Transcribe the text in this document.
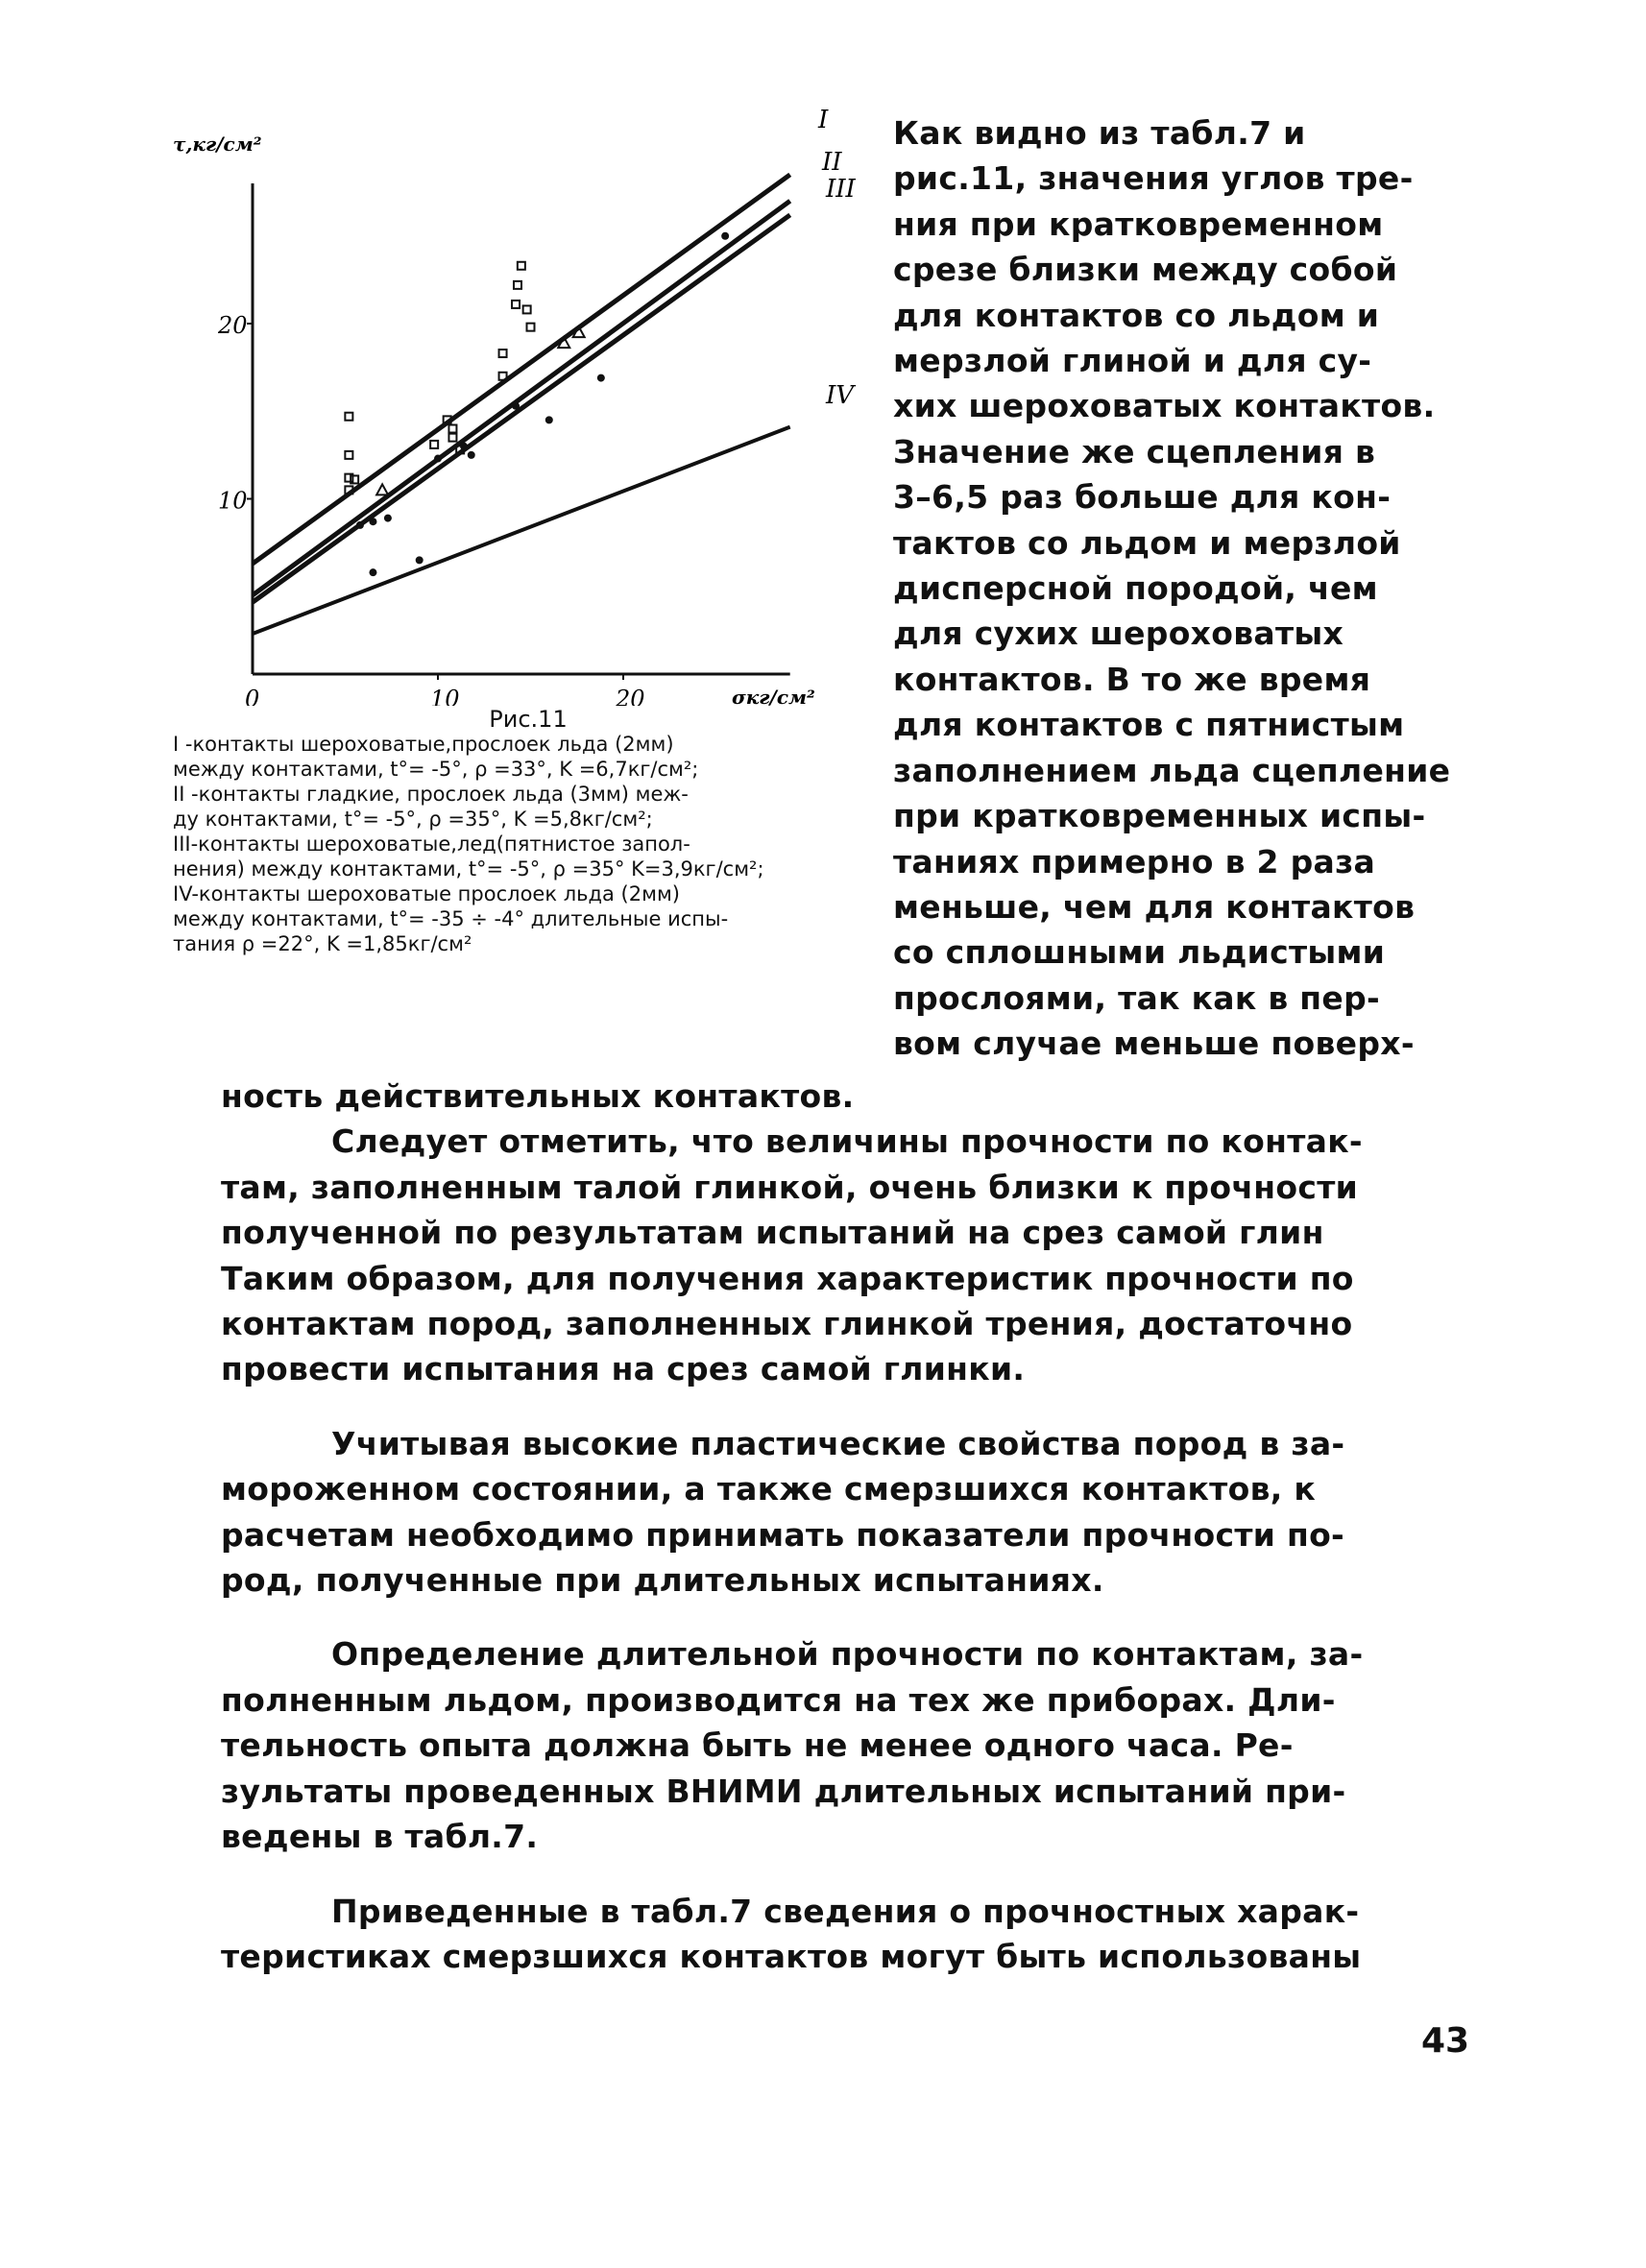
0	10	20
10
20
τ,кг/см²
σкг/см²
I
II
III
IV
Рис.11
I -контакты шероховатые,прослоек льда (2мм)
между контактами, t°= -5°, ρ =33°, K =6,7кг/см²;
II -контакты гладкие, прослоек льда (3мм) меж-
ду контактами, t°= -5°, ρ =35°, K =5,8кг/см²;
III-контакты шероховатые,лед(пятнистое запол-
нения) между контактами, t°= -5°, ρ =35° K=3,9кг/см²;
IV-контакты шероховатые прослоек льда (2мм)
между контактами, t°= -35 ÷ -4° длительные испы-
тания ρ =22°, K =1,85кг/см²
Как видно из табл.7 и
рис.11, значения углов тре-
ния при кратковременном
срезе близки между собой
для контактов со льдом и
мерзлой глиной и для су-
хих шероховатых контактов.
Значение же сцепления в
3–6,5 раз больше для кон-
тактов со льдом и мерзлой
дисперсной породой, чем
для сухих шероховатых
контактов. В то же время
для контактов с пятнистым
заполнением льда сцепление
при кратковременных испы-
таниях примерно в 2 раза
меньше, чем для контактов
со сплошными льдистыми
прослоями, так как в пер-
вом случае меньше поверх-
ность действительных контактов.
Следует отметить, что величины прочности по контак-
там, заполненным талой глинкой, очень близки к прочности
полученной по результатам испытаний на срез самой глин
Таким образом, для получения характеристик прочности по
контактам пород, заполненных глинкой трения, достаточно
провести испытания на срез самой глинки.
Учитывая высокие пластические свойства пород в за-
мороженном состоянии, а также смерзшихся контактов, к
расчетам необходимо принимать показатели прочности по-
род, полученные при длительных испытаниях.
Определение длительной прочности по контактам, за-
полненным льдом, производится на тех же приборах. Дли-
тельность опыта должна быть не менее одного часа. Ре-
зультаты проведенных ВНИМИ длительных испытаний при-
ведены в табл.7.
Приведенные в табл.7 сведения о прочностных харак-
теристиках смерзшихся контактов могут быть использованы
43
